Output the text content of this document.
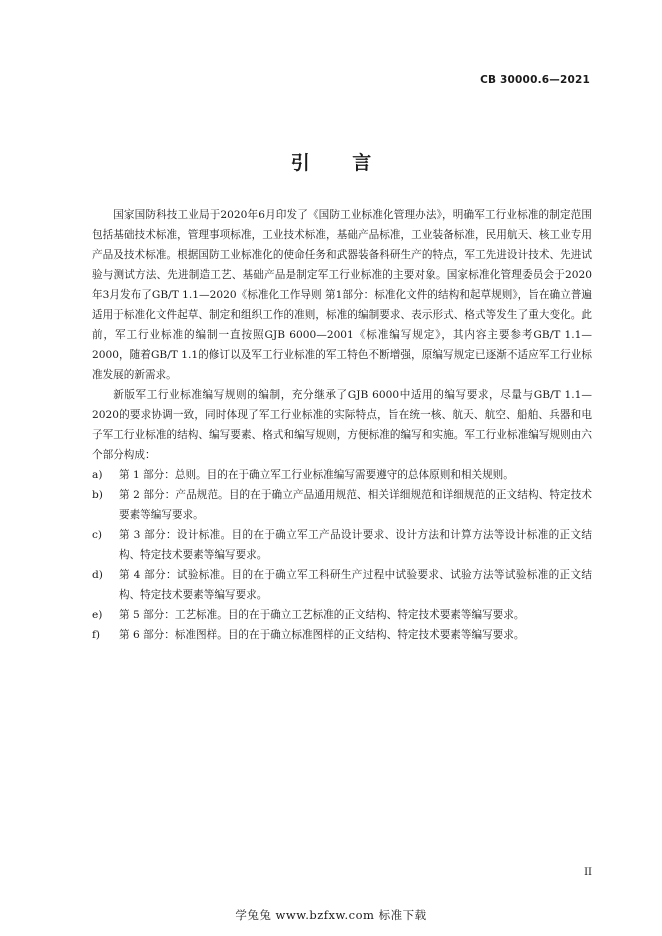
CB 30000.6—2021
引 言

国家国防科技工业局于2020年6月印发了《国防工业标准化管理办法》，明确军工行业标准的制定范围包括基础技术标准，管理事项标准，工业技术标准，基础产品标准，工业装备标准，民用航天、核工业专用产品及技术标准。根据国防工业标准化的使命任务和武器装备科研生产的特点，军工先进设计技术、先进试验与测试方法、先进制造工艺、基础产品是制定军工行业标准的主要对象。国家标准化管理委员会于2020年3月发布了GB/T 1.1—2020《标准化工作导则 第1部分：标准化文件的结构和起草规则》，旨在确立普遍适用于标准化文件起草、制定和组织工作的准则，标准的编制要求、表示形式、格式等发生了重大变化。此前，军工行业标准的编制一直按照GJB 6000—2001《标准编写规定》，其内容主要参考GB/T 1.1—2000，随着GB/T 1.1的修订以及军工行业标准的军工特色不断增强，原编写规定已逐渐不适应军工行业标准发展的新需求。

新版军工行业标准编写规则的编制，充分继承了GJB 6000中适用的编写要求，尽量与GB/T 1.1—2020的要求协调一致，同时体现了军工行业标准的实际特点，旨在统一核、航天、航空、船舶、兵器和电子军工行业标准的结构、编写要素、格式和编写规则，方便标准的编写和实施。军工行业标准编写规则由六个部分构成：

a) 第 1 部分：总则。目的在于确立军工行业标准编写需要遵守的总体原则和相关规则。
b) 第 2 部分：产品规范。目的在于确立产品通用规范、相关详细规范和详细规范的正文结构、特定技术要素等编写要求。
c) 第 3 部分：设计标准。目的在于确立军工产品设计要求、设计方法和计算方法等设计标准的正文结构、特定技术要素等编写要求。
d) 第 4 部分：试验标准。目的在于确立军工科研生产过程中试验要求、试验方法等试验标准的正文结构、特定技术要素等编写要求。
e) 第 5 部分：工艺标准。目的在于确立工艺标准的正文结构、特定技术要素等编写要求。
f) 第 6 部分：标准图样。目的在于确立标准图样的正文结构、特定技术要素等编写要求。
II
学兔兔 www.bzfxw.com 标准下载
